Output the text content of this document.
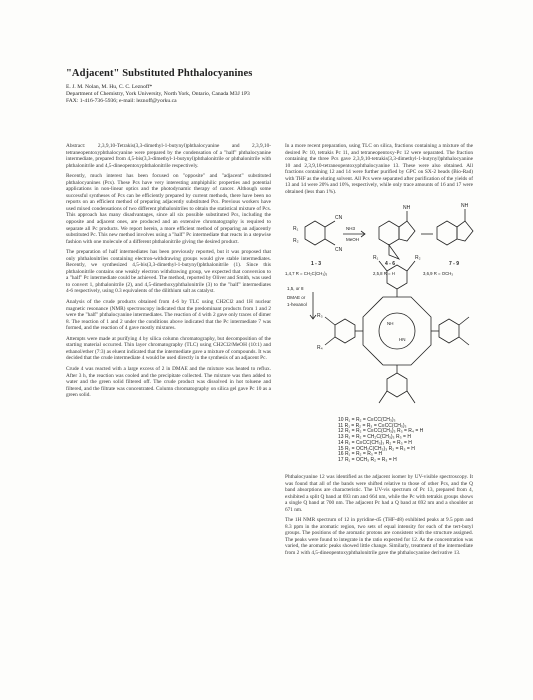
"Adjacent" Substituted Phthalocyanines
E. J. M. Nolan, M. Hu, C. C. Leznoff*
Department of Chemistry, York University, North York, Ontario, Canada M3J 1P3
FAX: 1-416-736-5936; e-mail: leznoff@yorku.ca

Abstract: 2,3,9,10-Tetrakis(3,3-dimethyl-1-butynyl)phthalocyanine and 2,3,9,10-tetraneopentoxyphthalocyanine were prepared by the condensation of a "half" phthalocyanine intermediate, prepared from 4,5-bis(3,3-dimethyl-1-butynyl)phthalonitrile or phthalonitrile with phthalonitrile and 4,5-dineopentoxyphthalonitrile respectively.

Recently, much interest has been focused on "opposite" and "adjacent" substituted phthalocyanines (Pcs). These Pcs have very interesting amphiphilic properties and potential applications in non-linear optics and the photodynamic therapy of cancer. Although some successful syntheses of Pcs can be efficiently prepared by current methods, there have been no reports on an efficient method of preparing adjacently substituted Pcs. Previous workers have used mixed condensations of two different phthalonitriles to obtain the statistical mixture of Pcs. This approach has many disadvantages, since all six possible substituted Pcs, including the opposite and adjacent ones, are produced and an extensive chromatography is required to separate all Pc products. We report herein, a more efficient method of preparing an adjacently substituted Pc. This new method involves using a "half" Pc intermediate that reacts in a stepwise fashion with one molecule of a different phthalonitrile giving the desired product.

The preparation of half intermediates has been previously reported, but it was proposed that only phthalonitriles containing electron-withdrawing groups would give stable intermediates. Recently, we synthesized 4,5-bis(3,3-dimethyl-1-butynyl)phthalonitrile (1). Since this phthalonitrile contains one weakly electron withdrawing group, we expected that conversion to a "half" Pc intermediate could be achieved. The method, reported by Oliver and Smith, was used to convert 1, phthalonitrile (2), and 4,5-dimethoxyphthalonitrile (3) to the "half" intermediates 4-6 respectively, using 0.3 equivalents of the dilithium salt as catalyst.

Analysis of the crude products obtained from 4-6 by TLC using CH2Cl2 and 1H nuclear magnetic resonance (NMR) spectroscopy indicated that the predominant products from 1 and 2 were the "half" phthalocyanine intermediates. The reaction of 4 with 2 gave only traces of dimer 8. The reaction of 1 and 2 under the conditions above indicated that the Pc intermediate 7 was formed, and the reaction of 4 gave mostly mixtures.

Attempts were made at purifying 4 by silica column chromatography, but decomposition of the starting material occurred. Thin layer chromatography (TLC) using CH2Cl2/MeOH (10:1) and ethanol/ether (7:3) as eluent indicated that the intermediate gave a mixture of compounds. It was decided that the crude intermediate 4 would be used directly in the synthesis of an adjacent Pc.

Crude 4 was reacted with a large excess of 2 in DMAE and the mixture was heated to reflux. After 3 h, the reaction was cooled and the precipitate collected. The mixture was then added to water and the green solid filtered off. The crude product was dissolved in hot toluene and filtered, and the filtrate was concentrated. Column chromatography on silica gel gave Pc 10 as a green solid.

In a more recent preparation, using TLC on silica, fractions containing a mixture of the desired Pc 10, tetrakis Pc 11, and tetraneopentoxy-Pc 12 were separated. The fraction containing the three Pcs gave 2,3,9,10-tetrakis(3,3-dimethyl-1-butynyl)phthalocyanine 10 and 2,3,9,10-tetraneopentoxyphthalocyanine 13. These were also obtained. All fractions containing 12 and 14 were further purified by GPC on SX-2 beads (Bio-Rad) with THF as the eluting solvent. All Pcs were separated after purification of the yields of 13 and 14 were 20% and 10%, respectively, while only trace amounts of 16 and 17 were obtained (less than 1%).

R₁
R₂
CN
CN
NH3
MeOH
NH	NH
1 - 3	4 - 6	7 - 9
1,4,7 R = CH₂C(CH₃)₃	2,5,8 R = H	3,6,9 R = OCH₃
1,5, or 8
DMAE or
1-hexanol
R₁	R₂
R₃
R₄
NH
HN
10 R₁ = R₂ = C≡CC(CH₃)₃
11 R₁ = R₂ = R₃ = C≡CC(CH₃)₃
12 R₁ = R₂ = C≡CC(CH₃)₃ R₃ = R₄ = H
13 R₁ = R₂ = CH₂C(CH₃)₃ R₃ = H
14 R₁ = C≡CC(CH₃)₃ R₂ = R₃ = H
15 R₁ = OCH₂C(CH₃)₃ R₂ = R₃ = H
16 R₁ = R₂ = R₃ = H
17 R₁ = OCH₃ R₂ = R₃ = H

Phthalocyanine 12 was identified as the adjacent isomer by UV-visible spectroscopy. It was found that all of the bands were shifted relative to those of other Pcs, and the Q band absorptions are characteristic. The UV-vis spectrum of Pc 13, prepared from 4, exhibited a split Q band at 693 nm and 664 nm, while the Pc with tetrakis groups shows a single Q band at 700 nm. The adjacent Pc had a Q band at 692 nm and a shoulder at 671 nm.

The 1H NMR spectrum of 12 in pyridine-d5 (THF-d8) exhibited peaks at 9.5 ppm and 8.3 ppm in the aromatic region, two sets of equal intensity for each of the tert-butyl groups. The positions of the aromatic protons are consistent with the structure assigned. The peaks were found to integrate in the ratio expected for 12. As the concentration was varied, the aromatic peaks showed little change. Similarly, treatment of the intermediate from 2 with 4,5-dineopentoxyphthalonitrile gave the phthalocyanine derivative 13.
